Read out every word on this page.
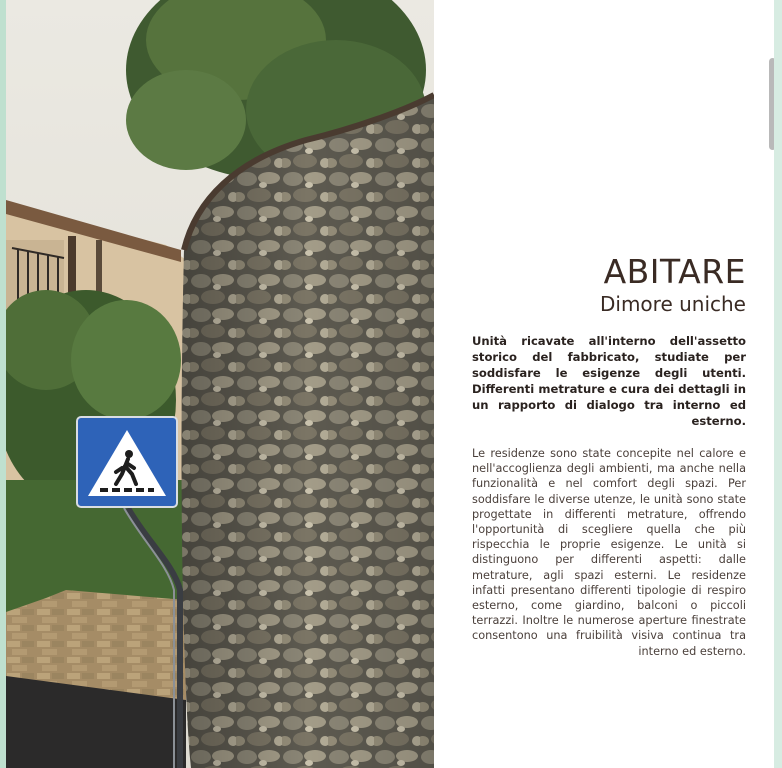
ABITARE
Dimore uniche

Unità ricavate all'interno dell'assetto storico del fabbricato, studiate per soddisfare le esigenze degli utenti. Differenti metrature e cura dei dettagli in un rapporto di dialogo tra interno ed esterno.

Le residenze sono state concepite nel calore e nell'accoglienza degli ambienti, ma anche nella funzionalità e nel comfort degli spazi. Per soddisfare le diverse utenze, le unità sono state progettate in differenti metrature, offrendo l'opportunità di scegliere quella che più rispecchia le proprie esigenze. Le unità si distinguono per differenti aspetti: dalle metrature, agli spazi esterni. Le residenze infatti presentano differenti tipologie di respiro esterno, come giardino, balconi o piccoli terrazzi. Inoltre le numerose aperture finestrate consentono una fruibilità visiva continua tra interno ed esterno.
